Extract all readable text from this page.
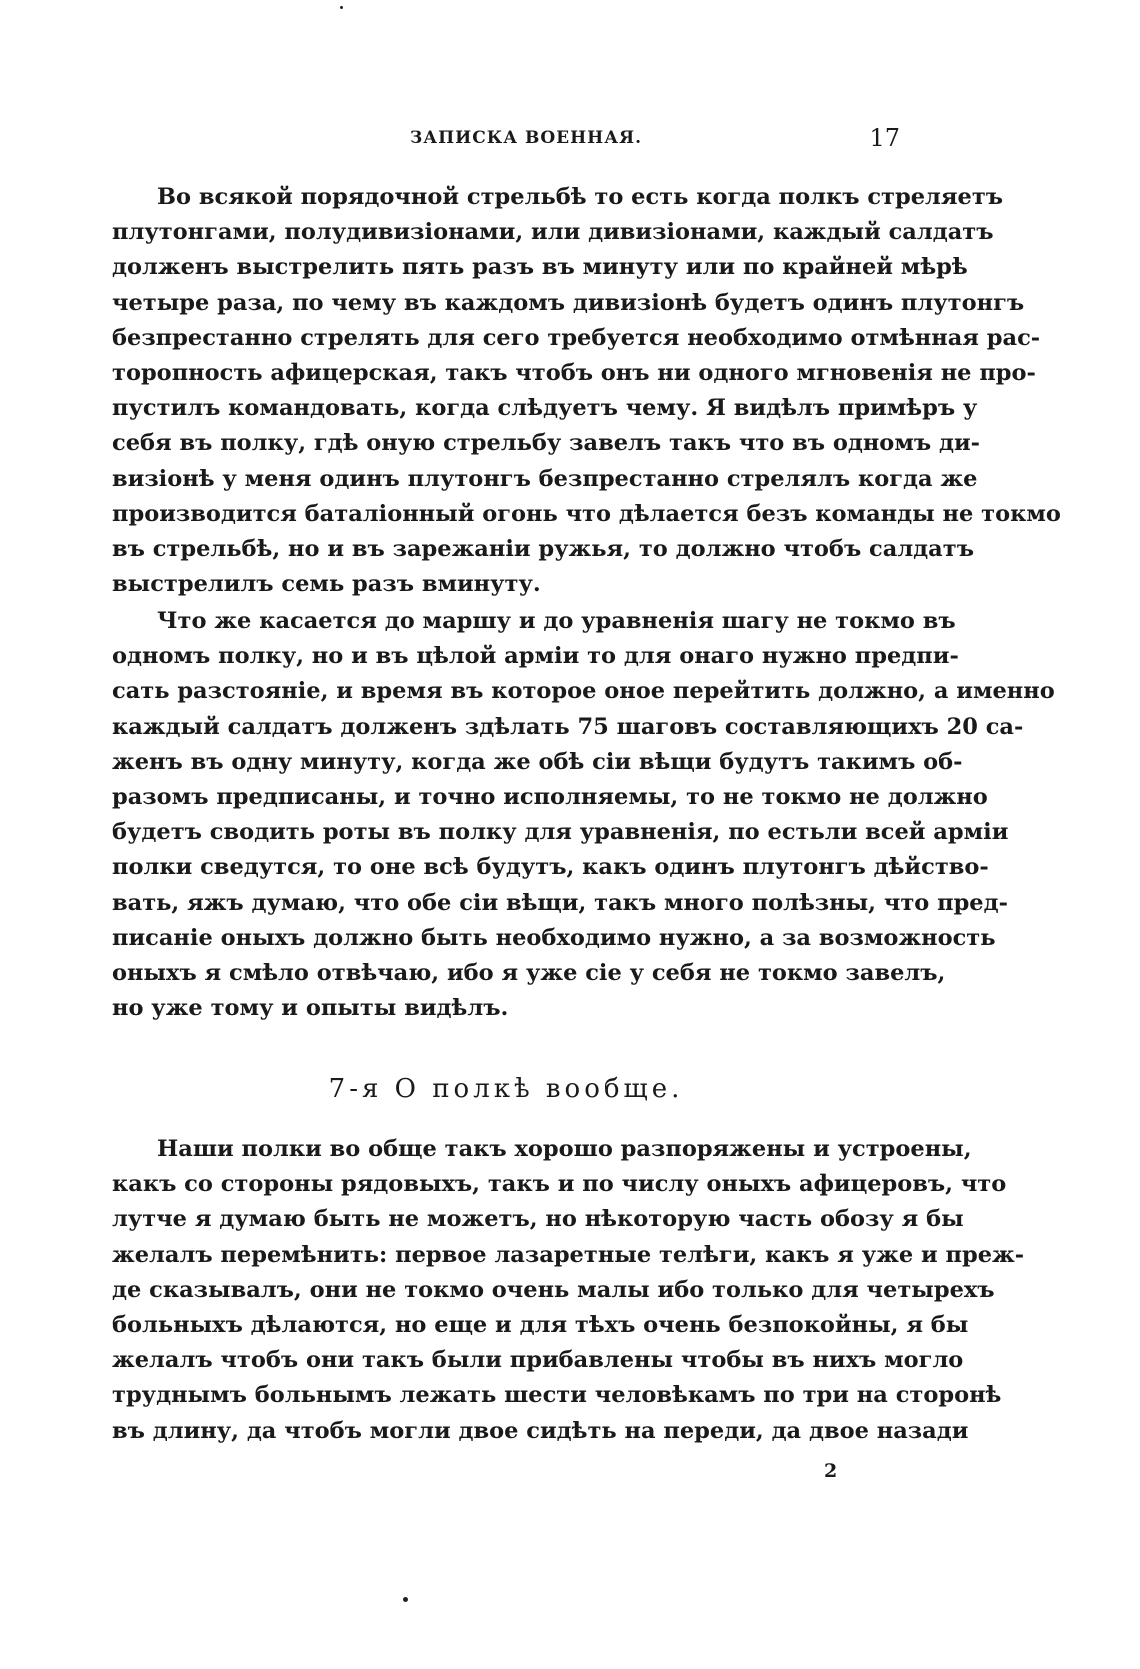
ЗАПИСКА ВОЕННАЯ.	17
Во всякой порядочной стрельбѣ то есть когда полкъ стреляетъ
плутонгами, полудивизiонами, или дивизiонами, каждый салдатъ
долженъ выстрелить пять разъ въ минуту или по крайней мѣрѣ
четыре раза, по чему въ каждомъ дивизiонѣ будетъ одинъ плутонгъ
безпрестанно стрелять для сего требуется необходимо отмѣнная рас-
торопность афицерская, такъ чтобъ онъ ни одного мгновенiя не про-
пустилъ командовать, когда слѣдуетъ чему. Я видѣлъ примѣръ у
себя въ полку, гдѣ оную стрельбу завелъ такъ что въ одномъ ди-
визiонѣ у меня одинъ плутонгъ безпрестанно стрелялъ когда же
производится баталiонный огонь что дѣлается безъ команды не токмо
въ стрельбѣ, но и въ зарежанiи ружья, то должно чтобъ салдатъ
выстрелилъ семь разъ вминуту.
Что же касается до маршу и до уравненiя шагу не токмо въ
одномъ полку, но и въ цѣлой армiи то для онаго нужно предпи-
сать разстоянiе, и время въ которое оное перейтить должно, а именно
каждый салдатъ долженъ здѣлать 75 шаговъ составляющихъ 20 са-
женъ въ одну минуту, когда же обѣ сiи вѣщи будутъ такимъ об-
разомъ предписаны, и точно исполняемы, то не токмо не должно
будетъ сводить роты въ полку для уравненiя, по естьли всей армiи
полки сведутся, то оне всѣ будутъ, какъ одинъ плутонгъ дѣйство-
вать, яжъ думаю, что обе сiи вѣщи, такъ много полѣзны, что пред-
писанiе оныхъ должно быть необходимо нужно, а за возможность
оныхъ я смѣло отвѣчаю, ибо я уже сiе у себя не токмо завелъ,
но уже тому и опыты видѣлъ.
7-я О полкѣ вообще.
Наши полки во обще такъ хорошо разпоряжены и устроены,
какъ со стороны рядовыхъ, такъ и по числу оныхъ афицеровъ, что
лутче я думаю быть не можетъ, но нѣкоторую часть обозу я бы
желалъ перемѣнить: первое лазаретные телѣги, какъ я уже и преж-
де сказывалъ, они не токмо очень малы ибо только для четырехъ
больныхъ дѣлаются, но еще и для тѣхъ очень безпокойны, я бы
желалъ чтобъ они такъ были прибавлены чтобы въ нихъ могло
труднымъ больнымъ лежать шести человѣкамъ по три на сторонѣ
въ длину, да чтобъ могли двое сидѣть на переди, да двое назади
2
